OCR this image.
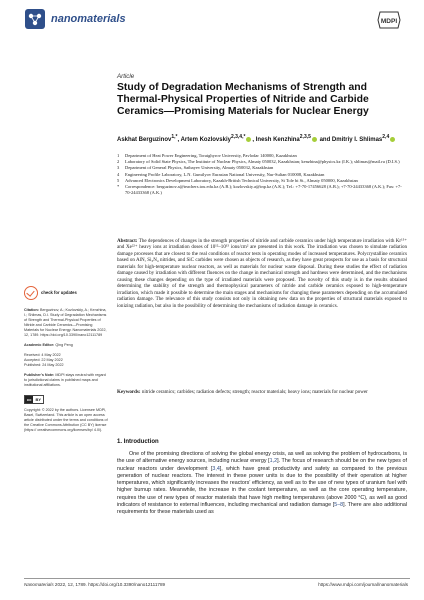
nanomaterials	MDPI
Article
Study of Degradation Mechanisms of Strength and Thermal-Physical Properties of Nitride and Carbide Ceramics—Promising Materials for Nuclear Energy
Askhat Berguzinov$^{1,*}$, Artem Kozlovskiy$^{2,3,4,*}$ , Inesh Kenzhina$^{2,3,5}$ and Dmitriy I. Shlimas$^{2,4}$
1	Department of Heat Power Engineering, Toraighyrov University, Pavlodar 140000, Kazakhstan
2	Laboratory of Solid State Physics, The Institute of Nuclear Physics, Almaty 050032, Kazakhstan; kenzhina@physics.kz (I.K.); shlimas@mail.ru (D.I.S.)
3	Department of General Physics, Satbayev University, Almaty 050032, Kazakhstan
4	Engineering Profile Laboratory, L.N. Gumilyov Eurasian National University, Nur-Sultan 010008, Kazakhstan
5	Advanced Electronics Development Laboratory, Kazakh-British Technical University, St Tole bi St., Almaty 050000, Kazakhstan
*	Correspondence: berguzinov.a@teachers.tou.edu.kz (A.B.); kozlovskiy.a@inp.kz (A.K.); Tel.: +7-70-17456628 (A.B.); +7-70-24433368 (A.K.); Fax: +7-70-24433368 (A.K.)
Abstract: The dependences of changes in the strength properties of nitride and carbide ceramics under high temperature irradiation with Kr¹⁵⁺ and Xe²²⁺ heavy ions at irradiation doses of 10¹²–10¹⁵ ions/cm² are presented in this work. The irradiation was chosen to simulate radiation damage processes that are closest to the real conditions of reactor tests in operating modes of increased temperatures. Polycrystalline ceramics based on AlN, Si₃N₄ nitrides, and SiC carbides were chosen as objects of research, as they have great prospects for use as a basis for structural materials for high-temperature nuclear reactors, as well as materials for nuclear waste disposal. During these studies the effect of radiation damage caused by irradiation with different fluences on the change in mechanical strength and hardness were determined, and the mechanisms causing these changes depending on the type of irradiated materials were proposed. The novelty of this study is in the results obtained determining the stability of the strength and thermophysical parameters of nitride and carbide ceramics exposed to high-temperature irradiation, which made it possible to determine the main stages and mechanisms for changing these parameters depending on the accumulated radiation damage. The relevance of this study consists not only in obtaining new data on the properties of structural materials exposed to ionizing radiation, but also in the possibility of determining the mechanisms of radiation damage in ceramics.
Keywords: nitride ceramics; carbides; radiation defects; strength; reactor materials; heavy ions; materials for nuclear power
check for updates
Citation: Berguzinov, A.; Kozlovskiy, A.; Kenzhina, I.; Shlimas, D.I. Study of Degradation Mechanisms of Strength and Thermal-Physical Properties of Nitride and Carbide Ceramics—Promising Materials for Nuclear Energy. Nanomaterials 2022, 12, 1789. https://doi.org/10.3390/nano12111789
Academic Editor: Qing Peng
Received: 4 May 2022
Accepted: 22 May 2022
Published: 24 May 2022
Publisher’s Note: MDPI stays neutral with regard to jurisdictional claims in published maps and institutional affiliations.
cc	BY
Copyright: © 2022 by the authors. Licensee MDPI, Basel, Switzerland. This article is an open access article distributed under the terms and conditions of the Creative Commons Attribution (CC BY) license (https:// creativecommons.org/licenses/by/ 4.0/).
1. Introduction

One of the promising directions of solving the global energy crisis, as well as solving the problem of hydrocarbons, is the use of alternative energy sources, including nuclear energy [1,2]. The focus of research should be on the new types of nuclear reactors under development [3,4], which have great productivity and safety as compared to the previous generation of nuclear reactors. The interest in these power units is due to the possibility of their operation at higher temperatures, which significantly increases the reactors’ efficiency, as well as to the use of new types of uranium fuel with higher burnup rates. Meanwhile, the increase in the coolant temperature, as well as the core operating temperature, requires the use of new types of reactor materials that have high melting temperatures (above 2000 °C), as well as good indicators of resistance to external influences, including mechanical and radiation damage [5–8]. There are also additional requirements for these materials used as

Nanomaterials 2022, 12, 1789. https://doi.org/10.3390/nano12111789	https://www.mdpi.com/journal/nanomaterials
